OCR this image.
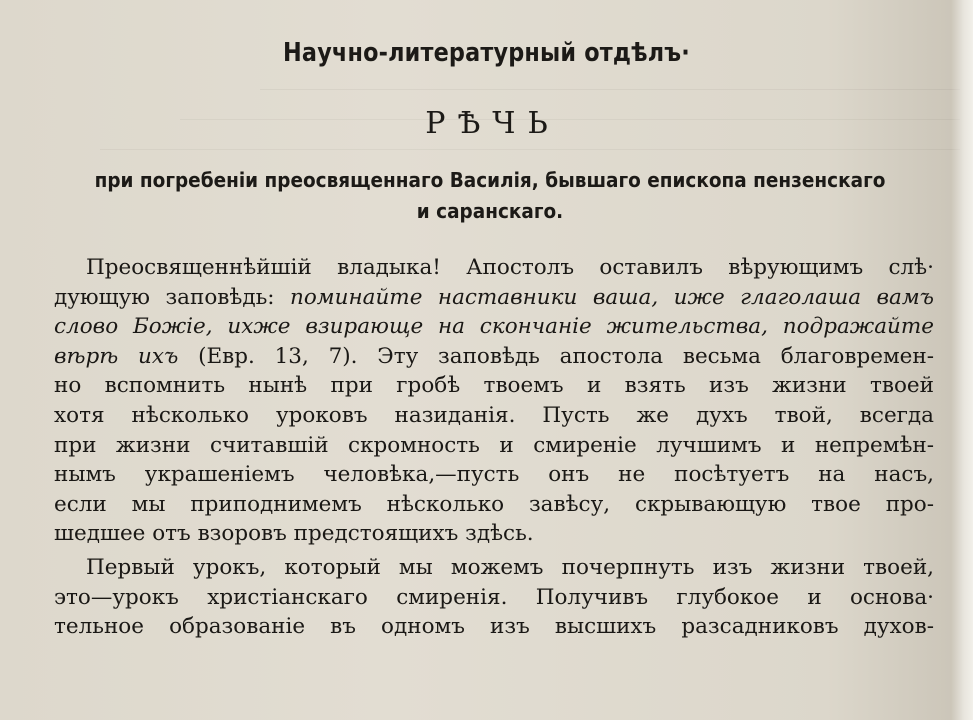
Научно-литературный отдѣлъ·
РѢЧЬ
при погребеніи преосвященнаго Василія, бывшаго епископа пензенскаго
и саранскаго.
Преосвященнѣйшій владыка! Апостолъ оставилъ вѣрующимъ слѣ·
дующую заповѣдь: поминайте наставники ваша, иже глаголаша вамъ
слово Божіе, ихже взирающе на скончаніе жительства, подражайте
вѣрѣ ихъ (Евр. 13, 7). Эту заповѣдь апостола весьма благовремен-
но вспомнить нынѣ при гробѣ твоемъ и взять изъ жизни твоей
хотя нѣсколько уроковъ назиданія. Пусть же духъ твой, всегда
при жизни считавшій скромность и смиреніе лучшимъ и непремѣн-
нымъ украшеніемъ человѣка,—пусть онъ не посѣтуетъ на насъ,
если мы приподнимемъ нѣсколько завѣсу, скрывающую твое про-
шедшее отъ взоровъ предстоящихъ здѣсь.
Первый урокъ, который мы можемъ почерпнуть изъ жизни твоей,
это—урокъ христіанскаго смиренія. Получивъ глубокое и основа·
тельное образованіе въ одномъ изъ высшихъ разсадниковъ духов-
